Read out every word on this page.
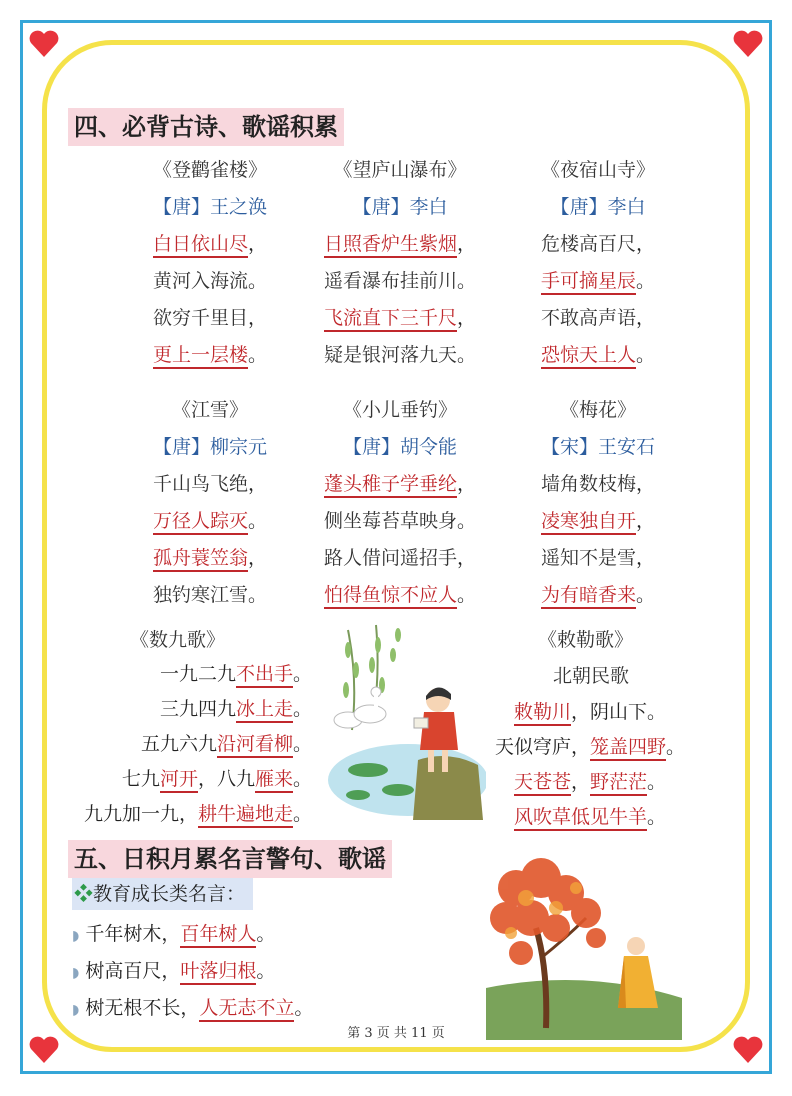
四、必背古诗、歌谣积累
《登鹳雀楼》
【唐】王之涣
白日依山尽，
黄河入海流。
欲穷千里目，
更上一层楼。
《望庐山瀑布》
【唐】李白
日照香炉生紫烟，
遥看瀑布挂前川。
飞流直下三千尺，
疑是银河落九天。
《夜宿山寺》
【唐】李白
危楼高百尺，
手可摘星辰。
不敢高声语，
恐惊天上人。
《江雪》
【唐】柳宗元
千山鸟飞绝，
万径人踪灭。
孤舟蓑笠翁，
独钓寒江雪。
《小儿垂钓》
【唐】胡令能
蓬头稚子学垂纶，
侧坐莓苔草映身。
路人借问遥招手，
怕得鱼惊不应人。
《梅花》
【宋】王安石
墙角数枝梅，
凌寒独自开，
遥知不是雪，
为有暗香来。
《数九歌》
一九二九不出手。
三九四九冰上走。
五九六九沿河看柳。
七九河开，八九雁来。
九九加一九，耕牛遍地走。
《敕勒歌》
北朝民歌
敕勒川，阴山下。
天似穹庐，笼盖四野。
天苍苍，野茫茫。
风吹草低见牛羊。
五、日积月累名言警句、歌谣
❖教育成长类名言：
◗ 千年树木，百年树人。
◗ 树高百尺，叶落归根。
◗ 树无根不长，人无志不立。
第 3 页 共 11 页
